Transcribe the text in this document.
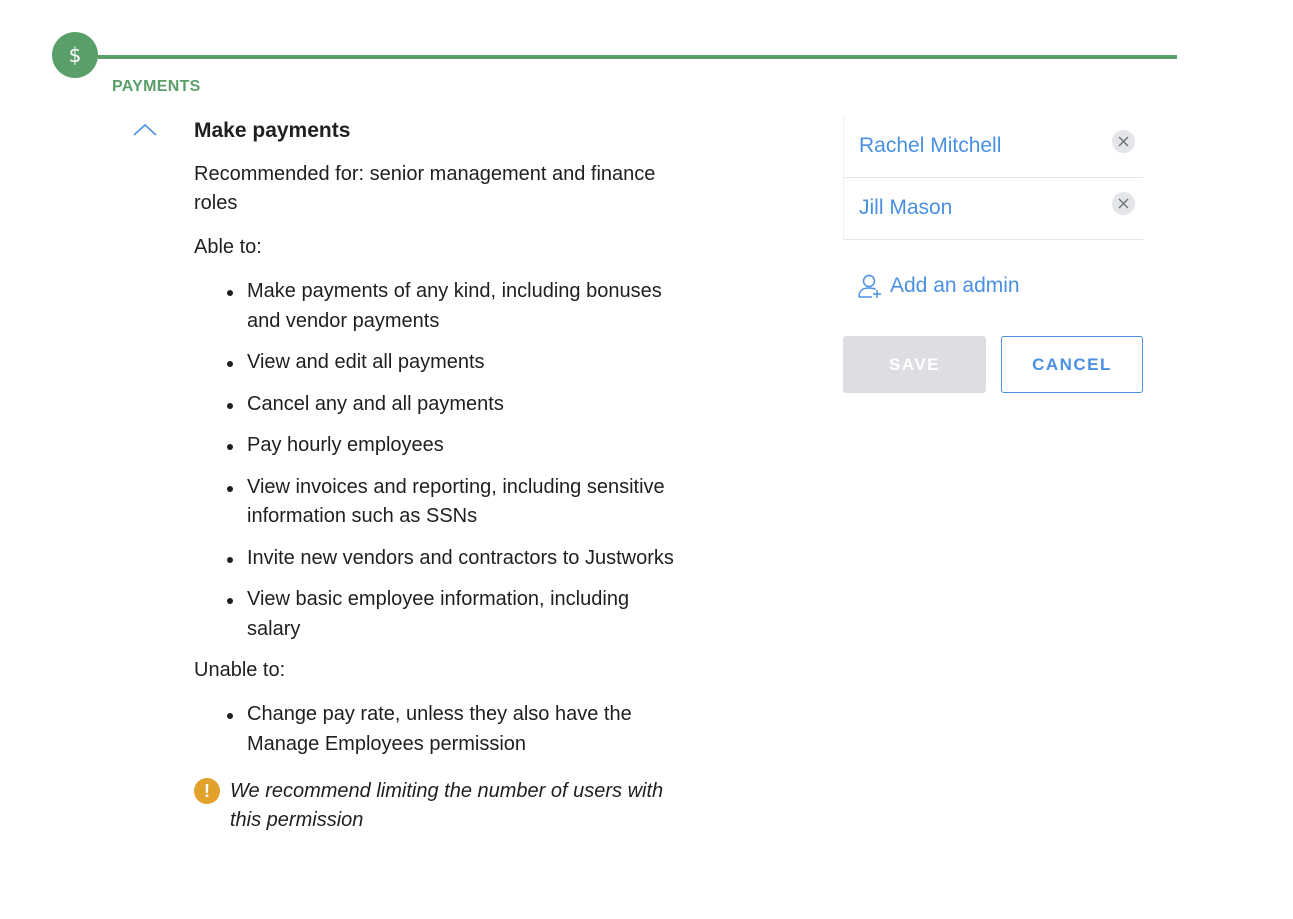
$
PAYMENTS
Make payments
Recommended for: senior management and finance roles
Able to:
Make payments of any kind, including bonuses and vendor payments
View and edit all payments
Cancel any and all payments
Pay hourly employees
View invoices and reporting, including sensitive information such as SSNs
Invite new vendors and contractors to Justworks
View basic employee information, including salary
Unable to:
Change pay rate, unless they also have the Manage Employees permission
!	We recommend limiting the number of users with this permission
Rachel Mitchell
Jill Mason
Add an admin
SAVE	CANCEL
